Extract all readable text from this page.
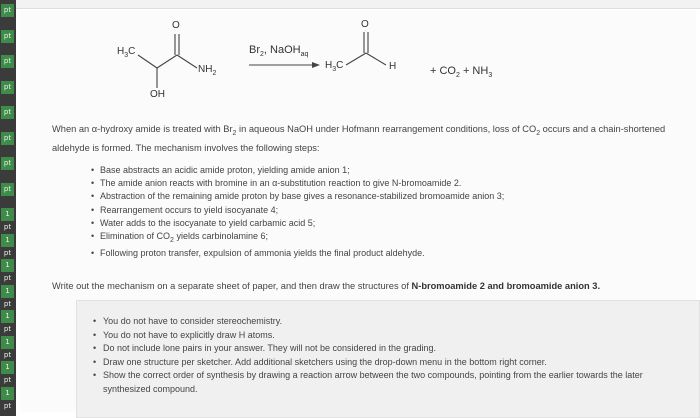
pt
pt
pt
pt
pt
pt
pt
pt
1 pt
1 pt
1 pt
1 pt
1 pt
1 pt
1 pt
1 pt
$H_3C$
O
$NH_2$
OH
$Br_2$, NaOH$_{aq}$
$H_3C$
O
H	+ $CO_2 + NH_3$
When an α-hydroxy amide is treated with $Br_2$ in aqueous NaOH under Hofmann rearrangement conditions, loss of $CO_2$ occurs and a chain-shortened aldehyde is formed. The mechanism involves the following steps:
• Base abstracts an acidic amide proton, yielding amide anion 1;
• The amide anion reacts with bromine in an α-substitution reaction to give N-bromoamide 2.
• Abstraction of the remaining amide proton by base gives a resonance-stabilized bromoamide anion 3;
• Rearrangement occurs to yield isocyanate 4;
• Water adds to the isocyanate to yield carbamic acid 5;
• Elimination of $CO_2$ yields carbinolamine 6;
• Following proton transfer, expulsion of ammonia yields the final product aldehyde.
Write out the mechanism on a separate sheet of paper, and then draw the structures of N-bromoamide 2 and bromoamide anion 3.
• You do not have to consider stereochemistry.
• You do not have to explicitly draw H atoms.
• Do not include lone pairs in your answer. They will not be considered in the grading.
• Draw one structure per sketcher. Add additional sketchers using the drop-down menu in the bottom right corner.
• Show the correct order of synthesis by drawing a reaction arrow between the two compounds, pointing from the earlier towards the later synthesized compound.
